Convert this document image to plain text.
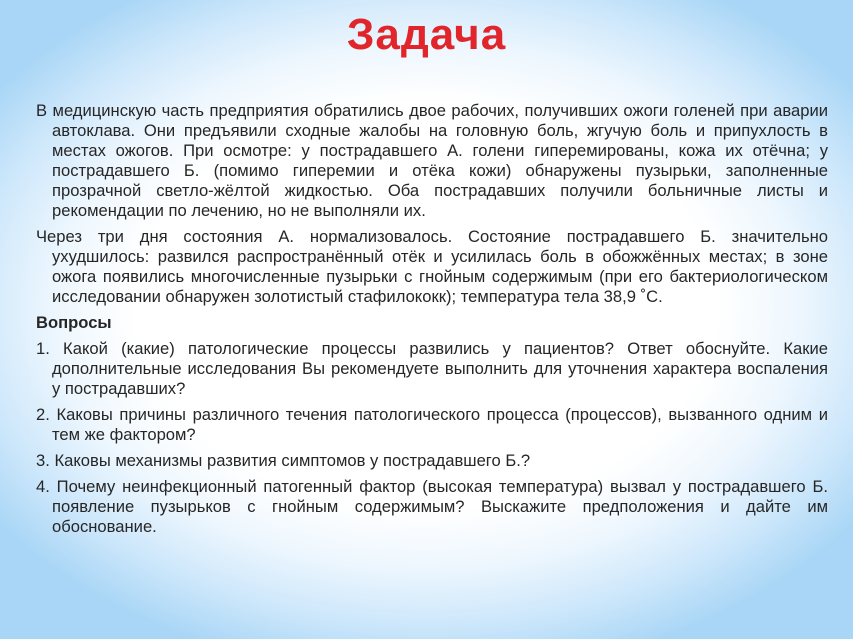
Задача

В медицинскую часть предприятия обратились двое рабочих, получивших ожоги голеней при аварии автоклава. Они предъявили сходные жалобы на головную боль, жгучую боль и припухлость в местах ожогов. При осмотре: у пострадавшего А. голени гиперемированы, кожа их отёчна; у пострадавшего Б. (помимо гиперемии и отёка кожи) обнаружены пузырьки, заполненные прозрачной светло-жёлтой жидкостью. Оба пострадавших получили больничные листы и рекомендации по лечению, но не выполняли их.

Через три дня состояния А. нормализовалось. Состояние пострадавшего Б. значительно ухудшилось: развился распространённый отёк и усилилась боль в обожжённых местах; в зоне ожога появились многочисленные пузырьки с гнойным содержимым (при его бактериологическом исследовании обнаружен золотистый стафилококк); температура тела 38,9 ˚С.

Вопросы

1. Какой (какие) патологические процессы развились у пациентов? Ответ обоснуйте. Какие дополнительные исследования Вы рекомендуете выполнить для уточнения характера воспаления у пострадавших?

2. Каковы причины различного течения патологического процесса (процессов), вызванного одним и тем же фактором?

3. Каковы механизмы развития симптомов у пострадавшего Б.?

4. Почему неинфекционный патогенный фактор (высокая температура) вызвал у пострадавшего Б. появление пузырьков с гнойным содержимым? Выскажите предположения и дайте им обоснование.
